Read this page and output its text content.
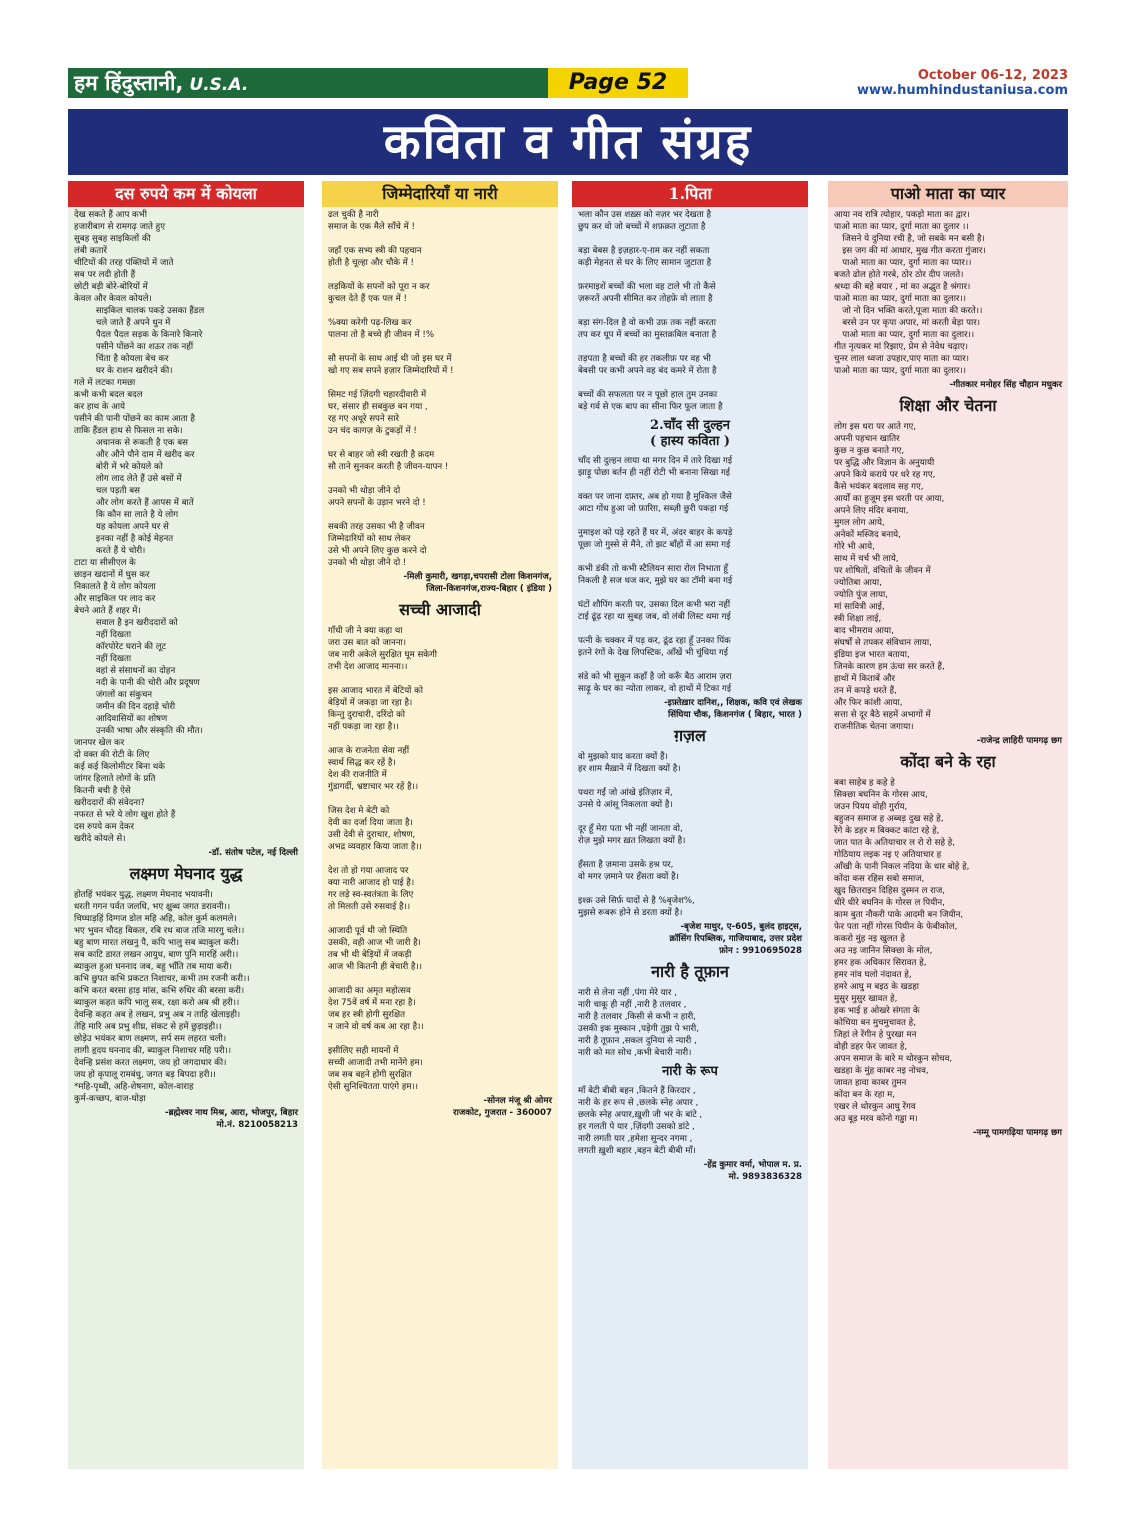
हम हिंदुस्तानी, U.S.A.	Page 52	October 06-12, 2023
www.humhindustaniusa.com
कविता व गीत संग्रह
दस रुपये कम में कोयला
देख सकते हैं आप कभी
हजारीबाग से रामगढ़ जाते हुए
सुबह सुबह साइकिलों की
लंबी कतारें
चीटियों की तरह पंक्तियों में जाते
सब पर लदी होती हैं
छोटी बड़ी बोरे-बोरियों में
केवल और केवल कोयले।
साइकिल चालक पकड़े उसका हैंडल
चले जाते हैं अपने धुन में
पैदल पैदल सड़क के किनारे किनारे
पसीने पोंछने का शऊर तक नहीं
चिंता है कोयला बेच कर
घर के राशन खरीदने की।
गले में लटका गमछा
कभी कभी बदल बदल
कर हाथ के आये
पसीने की पानी पोंछने का काम आता है
ताकि हैंडल हाथ से फिसल ना सके।
अचानक से रूकती है एक बस
और औने पौने दाम में खरीद कर
बोरी में भरे कोयले को
लोग लाद लेते हैं उसे बसों में
चल पड़ती बस
और लोग करते हैं आपस में बातें
कि कौन सा लाते है ये लोग
यह कोयला अपने घर से
इनका नहीं है कोई मेहनत
करते हैं ये चोरी।
टाटा या सीसीएल के
छाड़न खदानों में घुस कर
निकालते है ये लोग कोयला
और साइकिल पर लाद कर
बेचने आते हैं शहर में।
सवाल है इन खरीददारों को
नहीं दिखता
कॉरपोरेट घराने की लूट
नहीं दिखता
वहां से संसाधनों का दोहन
नदी के पानी की चोरी और प्रदूषण
जंगलों का संकुचन
जमीन की दिन दहाड़े चोरी
आदिवासियों का शोषण
उनकी भाषा और संस्कृति की मौत।
जानपर खेल कर
दो वक्त की रोटी के लिए
कई कई किलोमीटर बिना थके
जांगर हिलाते लोगों के प्रति
कितनी बची है ऐसे
खरीददारों की संवेदना?
नफरत से भरे ये लोग खुश होते हैं
दस रुपये कम देकर
खरीदे कोयले से।
-डॉ. संतोष पटेल, नई दिल्ली
लक्ष्मण मेघनाद युद्ध
होतहिं भयंकर युद्ध, लक्ष्मण मेघनाद भयावनी।
धरती गगन पर्वत जलधि, भए क्षुब्ध जगत डरावनी।।
चिघ्घाड़हिं दिग्गज डोल महि अहि, कोल कुर्म कलमले।
भए भुवन चौदह बिकल, रबि रथ बाज तजि मारगु चले।।
बहु बाण मारत लखनु पै, कपि भालु सब ब्याकुल करी।
सब काटि डारत लखन आयुध, बाण पुनि मारहिं अरी।।
ब्याकुल हुआ घननाद जब, बहु भाँति तब माया करी।
कभि छुपत कभि प्रकटत निशाचर, कभी तम रजनी करी।।
कभि करत बरसा हाड़ मांस, कभि रुधिर की बरसा करी।
ब्याकुल कहत कपि भालु सब, रक्षा करो अब श्री हरी।।
देवन्हि कहत अब हे लखन, प्रभु अब न ताहि खेलाइही।
तेहि मारि अब प्रभु शीघ्र, संकट से हमें छुड़ाइही।।
छोड़ेउ भयंकर बाण लक्ष्मण, सर्प सम लहरत चली।
लागी हृदय घननाद की, ब्याकुल निशाचर महि परी।।
देवन्हि प्रसंश करत लक्ष्मण, जय हो जगदाधार की।
जय हो कृपालू रामबंधु, जगत बड़ बिपदा हरी।।
*महि-पृथ्वी, अहि-शेषनाग, कोल-वाराह
कुर्म-कच्छप, बाज-घोड़ा
-ब्रह्मेश्वर नाथ मिश्र, आरा, भोजपुर, बिहार
मो.नं. 8210058213
जिम्मेदारियाँ या नारी
ढल चुकी है नारी
समाज के एक मैले साँचे में !

जहाँ एक सभ्य स्त्री की पहचान
होती है चूल्हा और चौके में !

लड़कियों के सपनों को पूरा न कर
कुचल देते हैं एक पल में !

%क्या करेगी पढ़-लिख कर
पालना तो है बच्चे ही जीवन में !%

सौ सपनों के साथ आई थी जो इस घर में
खो गए सब सपने हज़ार जिम्मेदारियों में !

सिमट गई ज़िंदगी चहारदीवारी में
घर, संसार ही सबकुछ बन गया ,
रह गए अधूरे सपने सारे
उन चंद कागज़ के टुकड़ों में !

घर से बाहर जो स्त्री रखती है क़दम
सौ ताने सुनकर करती है जीवन-यापन !

उनको भी थोड़ा जीने दो
अपने सपनों के उड़ान भरने दो !

सबकी तरह उसका भी है जीवन
जिम्मेदारियों को साथ लेकर
उसे भी अपने लिए कुछ करने दो
उनको भी थोड़ा जीने दो !
-मिली कुमारी, खगड़ा,चपरासी टोला किशनगंज,
जिला-किशनगंज,राज्य-बिहार ( इंडिया )
सच्ची आजादी
गाँधी जी ने क्या कहा था
जरा उस बात को जानना।
जब नारी अकेले सुरक्षित घूम सकेगी
तभी देश आजाद मानना।।

इस आजाद भारत में बेटियों को
बेड़ियों में जकड़ा जा रहा है।
किन्तु दुराचारी, दरिंदो को
नहीं पकड़ा जा रहा है।।

आज के राजनेता सेवा नहीं
स्वार्थ सिद्ध कर रहें है।
देश की राजनीति में
गुंडागर्दी, भ्रष्टाचार भर रहें है।।

जिस देश मे बेटी को
देवी का दर्जा दिया जाता है।
उसी देवी से दुराचार, शोषण,
अभद्र व्यवहार किया जाता है।।

देश तो हो गया आजाद पर
क्या नारी आजाद हो पाई है।
गर लड़े स्व-स्वतंत्रता के लिए
तो मिलती उसे रुसवाई है।।

आजादी पूर्व थी जो स्थिति
उसकी, वही आज भी जारी है।
तब भी थी बेड़ियों में जकड़ी
आज भी कितनी ही बेचारी है।।

आजादी का अमृत महोत्सव
देश 75वें वर्ष में मना रहा है।
जब हर स्त्री होगी सुरक्षित
न जाने वो वर्ष कब आ रहा है।।

इसीलिए सही मायनों में
सच्ची आजादी तभी मानेंगे हम।
जब सब बहने होंगी सुरक्षित
ऐसी सुनिश्चितता पाएंगे हम।।
-सोनल मंजू श्री ओमर
राजकोट, गुजरात - 360007
1.पिता
भला कौन उस शख़्स को नज़र भर देखता है
छुप कर वो जो बच्चों में शफ़क़त लुटाता है

बड़ा बेबस है इज़हार-ए-ग़म कर नहीं सकता
कड़ी मेहनत से घर के लिए सामान जुटाता है

फ़रमाइशें बच्चों की भला वह टाले भी तो कैसे
ज़रूरतें अपनी सीमित कर तोहफ़े वो लाता है

बड़ा संग-दिल है वो कभी उफ़ तक नहीं करता
तप कर धूप में बच्चों का मुस्तक़बिल बनाता है

तड़पता है बच्चों की हर तकलीफ़ पर वह भी
बेबसी पर कभी अपने वह बंद कमरे में रोता है

बच्चों की सफलता पर न पूछो हाल तुम उनका
बड़े गर्व से एक बाप का सीना फिर फूल जाता है
2.चाँद सी दुल्हन
( हास्य कविता )
चाँद सी दुल्हन लाया था मगर दिन में तारे दिखा गई
झाड़ू पोछा बर्तन ही नहीं रोटी भी बनाना सिखा गई

वक्त पर जाना दफ़्तर, अब हो गया है मुश्किल जैसे
आटा गोंध हुआ जो फ़ारिग़, सब्ज़ी छुरी पकड़ा गई

नुमाइश को पड़े रहते हैं घर में, अंदर बाहर के कपड़े
पूछा जो गुस्से से मैंने, तो झट बाँहों में आ समा गई

कभी डंकी तो कभी स्टैलियन सारा रोल निभाता हूँ
निकली है सज धज कर, मुझे घर का टॉमी बना गई

घंटों शौपिंग करती पर, उसका दिल कभी भरा नहीं
टाई ढूंढ़ रहा था सुबह जब, वो लंबी लिस्ट थमा गई

पत्नी के चक्कर में पड़ कर, ढूंढ रहा हूँ उनका पिंक
इतने रंगों के देख लिपस्टिक, आँखें भी चुंधिया गई

संडे को भी सुकून कहाँ है जो करूँ बैठ आराम ज़रा
साढ़ू के घर का न्योता लाकर, वो हाथों में टिका गई
-इफ़्तेख़ार दानिश,, शिक्षक, कवि एवं लेखक
सिंघिया चौक, किशनगंज ( बिहार, भारत )
ग़ज़ल
वो मुझको याद करता क्यों हैं।
हर शाम मैख़ाने में दिखता क्यों है।

पथरा गईं जो आंखे इंतिज़ार में,
उनसे ये आंसू निकलता क्यों है।

दूर हूँ मेरा पता भी नहीं जानता वो,
रोज़ मुझे मगर ख़त लिखता क्यों है।

हँसता है ज़माना उसके हश्र पर,
वो मगर ज़माने पर हँसता क्यों है।

इश्क़ उसे सिर्फ़ यादों से है %बृजेश%,
मुझसे रूबरू होने से डरता क्यों है।
-बृजेश माथुर, ए-605, बुलंद हाइट्स,
क्रॉसिंग रिपब्लिक, गाजियाबाद, उत्तर प्रदेश
फ़ोन : 9910695028
नारी है तूफ़ान
नारी से लेना नहीं ,पंगा मेरे यार ,
नारी चाकू ही नहीं ,नारी है तलवार ,
नारी है तलवार ,किसी से कभी न हारी,
उसकी इक मुस्कान ,पड़ेगी तुझ पे भारी,
नारी है तूफ़ान ,सकल दुनिया से न्यारी ,
नारी को मत सोच ,कभी बेचारी नारी।
नारी के रूप
माँ बेटी बीबी बहन ,कितने हैं किरदार ,
नारी के हर रूप से ,छलके स्नेह अपार ,
छलके स्नेह अपार,ख़ुशी जी भर के बांटे ,
हर गलती पे यार ,ज़िंदगी उसको डांटे ,
नारी लगती यार ,हमेशा सुन्दर नगमा ,
लगती ख़ुशी बहार ,बहन बेटी बीबी माँ।
-हेंद्र कुमार वर्मा, भोपाल म. प्र.
मो. 9893836328
पाओ माता का प्यार
आया नव रात्रि त्योहार, पकड़ो माता का द्वार।
पाओ माता का प्यार, दुर्गा माता का दुलार ।।
जिसने ये दुनिया रची है, जो सबके मन बसी है।
इस जग की मां आधार, मुख गीत करता गुंजार।
पाओ माता का प्यार, दुर्गा माता का प्यार।।
बजते ढोल होते गरबे, ठोर ठोर दीप जलते।
श्रध्दा की बहे बयार , मां का अद्भुत है श्रंगार।
पाओ माता का प्यार, दुर्गा माता का दुलार।।
जो नो दिन भक्ति करते,पूजा माता की करते।।
बरसे उन पर कृपा अपार, मां करती बेड़ा पार।
पाओ माता का प्यार, दुर्गा माता का दुलार।।
गीत नृत्यकर मां रिझाए, प्रेम से नेवेध चढ़ाए।
चुनर लाल ध्वजा उपहार,पाए माता का प्यार।
पाओ माता का प्यार, दुर्गा माता का दुलार।।
-गीतकार मनोहर सिंह चौहान मधुकर
शिक्षा और चेतना
लोग इस धरा पर आते गए,
अपनी पहचान खातिर
कुछ न कुछ बनाते गए,
पर बुद्धि और विज्ञान के अनुयायी
अपने किये कराये पर धरे रह गए,
कैसे भयंकर बदलाव सह गए,
आर्यों का हुजूम इस धरती पर आया,
अपने लिए मंदिर बनाया,
मुगल लोग आये,
अनेकों मस्जिद बनाये,
गोरे भी आये,
साथ में चर्च भी लाये,
पर शोषितों, वंचितों के जीवन में
ज्योतिबा आया,
ज्योति पुंज लाया,
मां सावित्री आई,
स्त्री शिक्षा लाई,
बाद भीमराव आया,
संघर्षों से तपकर संविधान लाया,
इंडिया इज भारत बताया,
जिनके कारण हम ऊंचा सर करते हैं,
हाथों में किताबें और
तन में कपड़े धरते हैं,
और फिर कांशी आया,
सत्ता से दूर बैठे सहमें अभागों में
राजनीतिक चेतना जगाया।
-राजेन्द्र लाहिरी पामगढ़ छग
कोंदा बने के रहा
बबा साहेब ह कहे हे
सिक्छा बघनिन के गोरस आय,
जउन पियय वोही गुर्राय,
बहुजन समाज ह अब्बड़ दुख सहे हे,
रेंगे के डहर म बिक्कट कांटा रहे हे,
जात पात के अतियाचार ल रो रो सहे हे,
गोठियाय लइक नइ ए अतियाचार ह
आँखी के पानी निकल नदिया के धार बोहे हे,
कोंदा कस रहिस सबो समाज,
खुद छितराइन दिहिस दुस्मन ल राज,
धीरे धीरे बघनिन के गोरस ल पियीन,
काम बुता नौकरी पाके आदमी बन जियीन,
फेर पता नहीं गोरस पियीन के फेबीकोल,
ककरो मुंह नइ खुलत हे
अउ नइ जानिन सिक्छा के मोल,
हमर हक अधिकार सिरावत हे,
हमर नांव घलो नंदावत हे,
हमरे आघु म बइठ के खडहा
मुसुर मुसुर खावत हे,
हक भाई ह ओखरे संगता के
कोचिया बन मुचमुचावत हे,
जिहां ले रेंगीन हे पुरखा मन
वोही डहर फेर जावत हे,
अपन समाज के बारे म थोरकुन सोचव,
खडहा के मुंह काबर नइ नोचव,
जावत हावा काबर तुमन
कोंदा बन के रहा म,
एखर ले थोरकुन आघु रेंगव
अउ बूड़ मरव कोनो गड्ढा म।
-नम्मू पामगढ़िया पामगढ़ छग
